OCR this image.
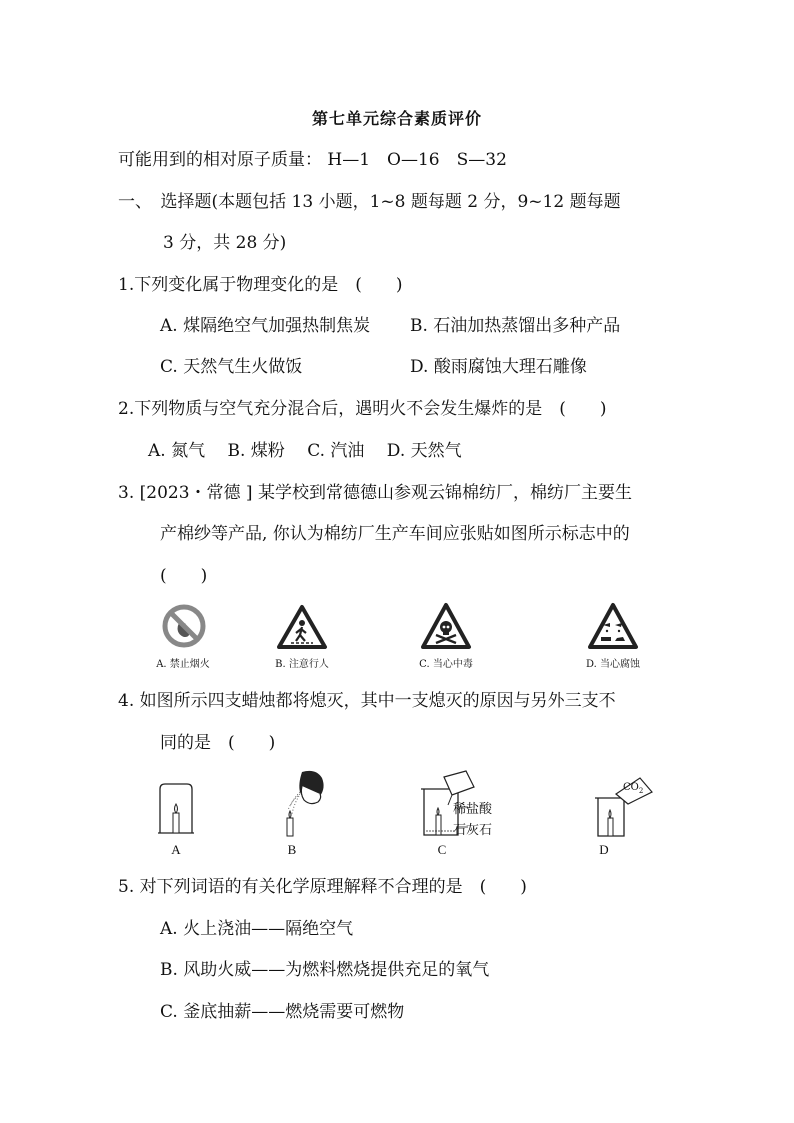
第七单元综合素质评价
可能用到的相对原子质量： H—1　O—16　S—32
一、　选择题(本题包括 13 小题，1~8 题每题 2 分，9~12 题每题
3 分，共 28 分)
1.下列变化属于物理变化的是　(　　)
A. 煤隔绝空气加强热制焦炭 B. 石油加热蒸馏出多种产品
C. 天然气生火做饭	D. 酸雨腐蚀大理石雕像
2.下列物质与空气充分混合后，遇明火不会发生爆炸的是　(　　)
A. 氮气　 B. 煤粉　 C. 汽油　 D. 天然气
3. [2023・常德 ] 某学校到常德德山参观云锦棉纺厂，棉纺厂主要生
产棉纱等产品, 你认为棉纺厂生产车间应张贴如图所示标志中的
(　　)
A. 禁止烟火	B. 注意行人	C. 当心中毒	D. 当心腐蚀
4. 如图所示四支蜡烛都将熄灭，其中一支熄灭的原因与另外三支不
同的是　(　　)
A	B
稀盐酸
石灰石
C
$CO_2$
D
5. 对下列词语的有关化学原理解释不合理的是　(　　)
A. 火上浇油——隔绝空气
B. 风助火威——为燃料燃烧提供充足的氧气
C. 釜底抽薪——燃烧需要可燃物
